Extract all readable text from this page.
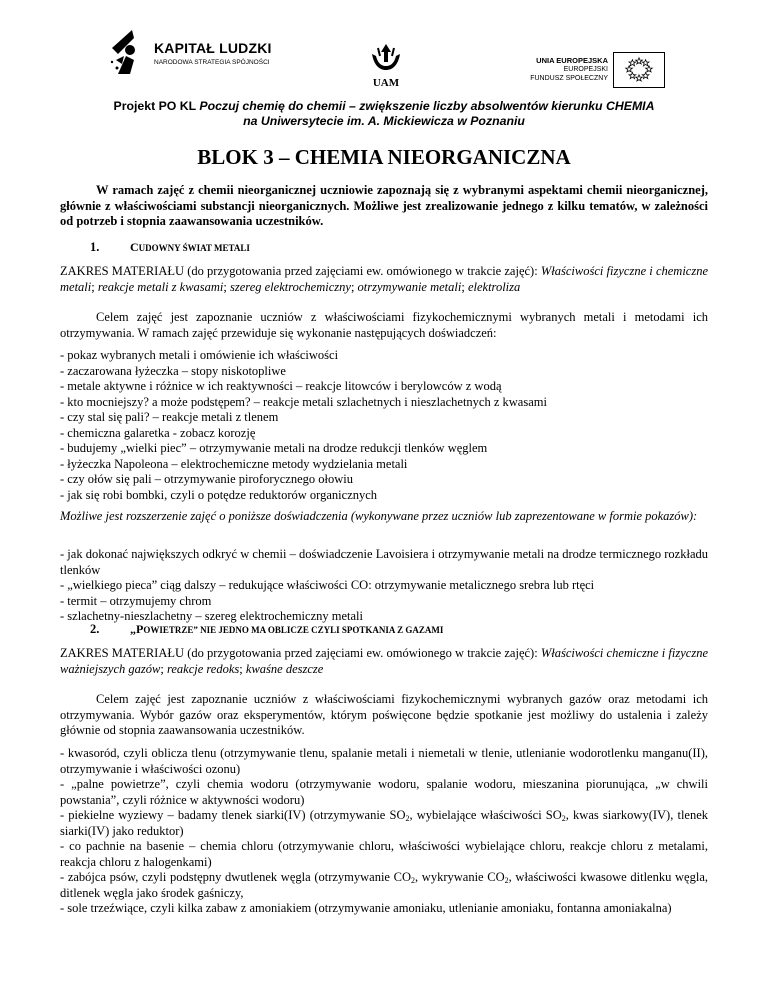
KAPITAŁ LUDZKI
NARODOWA STRATEGIA SPÓJNOŚCI
UAM
UNIA EUROPEJSKA
EUROPEJSKI
FUNDUSZ SPOŁECZNY
Projekt PO KL Poczuj chemię do chemii – zwiększenie liczby absolwentów kierunku CHEMIA
na Uniwersytecie im. A. Mickiewicza w Poznaniu
BLOK 3 – CHEMIA NIEORGANICZNA
W ramach zajęć z chemii nieorganicznej uczniowie zapoznają się z wybranymi aspektami chemii nieorganicznej, głównie z właściwościami substancji nieorganicznych. Możliwe jest zrealizowanie jednego z kilku tematów, w zależności od potrzeb i stopnia zaawansowania uczestników.
1.	CUDOWNY ŚWIAT METALI
ZAKRES MATERIAŁU (do przygotowania przed zajęciami ew. omówionego w trakcie zajęć): Właściwości fizyczne i chemiczne metali; reakcje metali z kwasami; szereg elektrochemiczny; otrzymywanie metali; elektroliza
Celem zajęć jest zapoznanie uczniów z właściwościami fizykochemicznymi wybranych metali i metodami ich otrzymywania. W ramach zajęć przewiduje się wykonanie następujących doświadczeń:
- pokaz wybranych metali i omówienie ich właściwości
- zaczarowana łyżeczka – stopy niskotopliwe
- metale aktywne i różnice w ich reaktywności – reakcje litowców i berylowców z wodą
- kto mocniejszy? a może podstępem? – reakcje metali szlachetnych i nieszlachetnych z kwasami
- czy stal się pali? – reakcje metali z tlenem
- chemiczna galaretka - zobacz korozję
- budujemy „wielki piec” – otrzymywanie metali na drodze redukcji tlenków węglem
- łyżeczka Napoleona – elektrochemiczne metody wydzielania metali
- czy ołów się pali – otrzymywanie piroforycznego ołowiu
- jak się robi bombki, czyli o potędze reduktorów organicznych
Możliwe jest rozszerzenie zajęć o poniższe doświadczenia (wykonywane przez uczniów lub zaprezentowane w formie pokazów):
- jak dokonać największych odkryć w chemii – doświadczenie Lavoisiera i otrzymywanie metali na drodze termicznego rozkładu tlenków
- „wielkiego pieca” ciąg dalszy – redukujące właściwości CO: otrzymywanie metalicznego srebra lub rtęci
- termit – otrzymujemy chrom
- szlachetny-nieszlachetny – szereg elektrochemiczny metali
2.	„POWIETRZE” NIE JEDNO MA OBLICZE CZYLI SPOTKANIA Z GAZAMI
ZAKRES MATERIAŁU (do przygotowania przed zajęciami ew. omówionego w trakcie zajęć): Właściwości chemiczne i fizyczne ważniejszych gazów; reakcje redoks; kwaśne deszcze
Celem zajęć jest zapoznanie uczniów z właściwościami fizykochemicznymi wybranych gazów oraz metodami ich otrzymywania. Wybór gazów oraz eksperymentów, którym poświęcone będzie spotkanie jest możliwy do ustalenia i zależy głównie od stopnia zaawansowania uczestników.
- kwasoród, czyli oblicza tlenu (otrzymywanie tlenu, spalanie metali i niemetali w tlenie, utlenianie wodorotlenku manganu(II), otrzymywanie i właściwości ozonu)
- „palne powietrze”, czyli chemia wodoru (otrzymywanie wodoru, spalanie wodoru, mieszanina piorunująca, „w chwili powstania”, czyli różnice w aktywności wodoru)
- piekielne wyziewy – badamy tlenek siarki(IV) (otrzymywanie $SO_2$, wybielające właściwości $SO_2$, kwas siarkowy(IV), tlenek siarki(IV) jako reduktor)
- co pachnie na basenie – chemia chloru (otrzymywanie chloru, właściwości wybielające chloru, reakcje chloru z metalami, reakcja chloru z halogenkami)
- zabójca psów, czyli podstępny dwutlenek węgla (otrzymywanie $CO_2$, wykrywanie $CO_2$, właściwości kwasowe ditlenku węgla, ditlenek węgla jako środek gaśniczy,
- sole trzeźwiące, czyli kilka zabaw z amoniakiem (otrzymywanie amoniaku, utlenianie amoniaku, fontanna amoniakalna)
